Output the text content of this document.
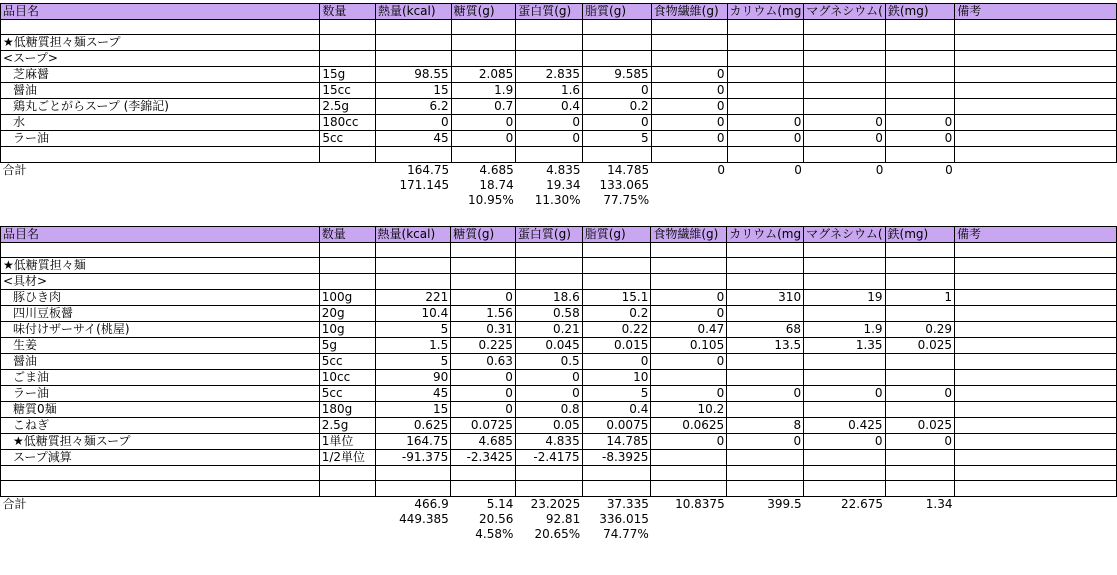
品目名	数量	熱量(kcal)	糖質(g)	蛋白質(g)	脂質(g)	食物繊維(g)	カリウム(mg	マグネシウム(	鉄(mg)	備考

★低糖質担々麺スープ										
<スープ>										
芝麻醤	15g	98.55	2.085	2.835	9.585	0				
醤油	15cc	15	1.9	1.6	0	0				
鶏丸ごとがらスープ (李錦記)	2.5g	6.2	0.7	0.4	0.2	0				
水	180cc	0	0	0	0	0	0	0	0	
ラー油	5cc	45	0	0	5	0	0	0	0	

合計		164.75	4.685	4.835	14.785	0	0	0	0	
		171.145	18.74	19.34	133.065					
			10.95%	11.30%	77.75%					
品目名	数量	熱量(kcal)	糖質(g)	蛋白質(g)	脂質(g)	食物繊維(g)	カリウム(mg	マグネシウム(	鉄(mg)	備考

★低糖質担々麺										
<具材>										
豚ひき肉	100g	221	0	18.6	15.1	0	310	19	1	
四川豆板醤	20g	10.4	1.56	0.58	0.2	0				
味付けザーサイ(桃屋)	10g	5	0.31	0.21	0.22	0.47	68	1.9	0.29	
生姜	5g	1.5	0.225	0.045	0.015	0.105	13.5	1.35	0.025	
醤油	5cc	5	0.63	0.5	0	0				
ごま油	10cc	90	0	0	10					
ラー油	5cc	45	0	0	5	0	0	0	0	
糖質0麺	180g	15	0	0.8	0.4	10.2				
こねぎ	2.5g	0.625	0.0725	0.05	0.0075	0.0625	8	0.425	0.025	
★低糖質担々麺スープ	1単位	164.75	4.685	4.835	14.785	0	0	0	0	
スープ減算	1/2単位	-91.375	-2.3425	-2.4175	-8.3925					

合計		466.9	5.14	23.2025	37.335	10.8375	399.5	22.675	1.34	
		449.385	20.56	92.81	336.015					
			4.58%	20.65%	74.77%					
